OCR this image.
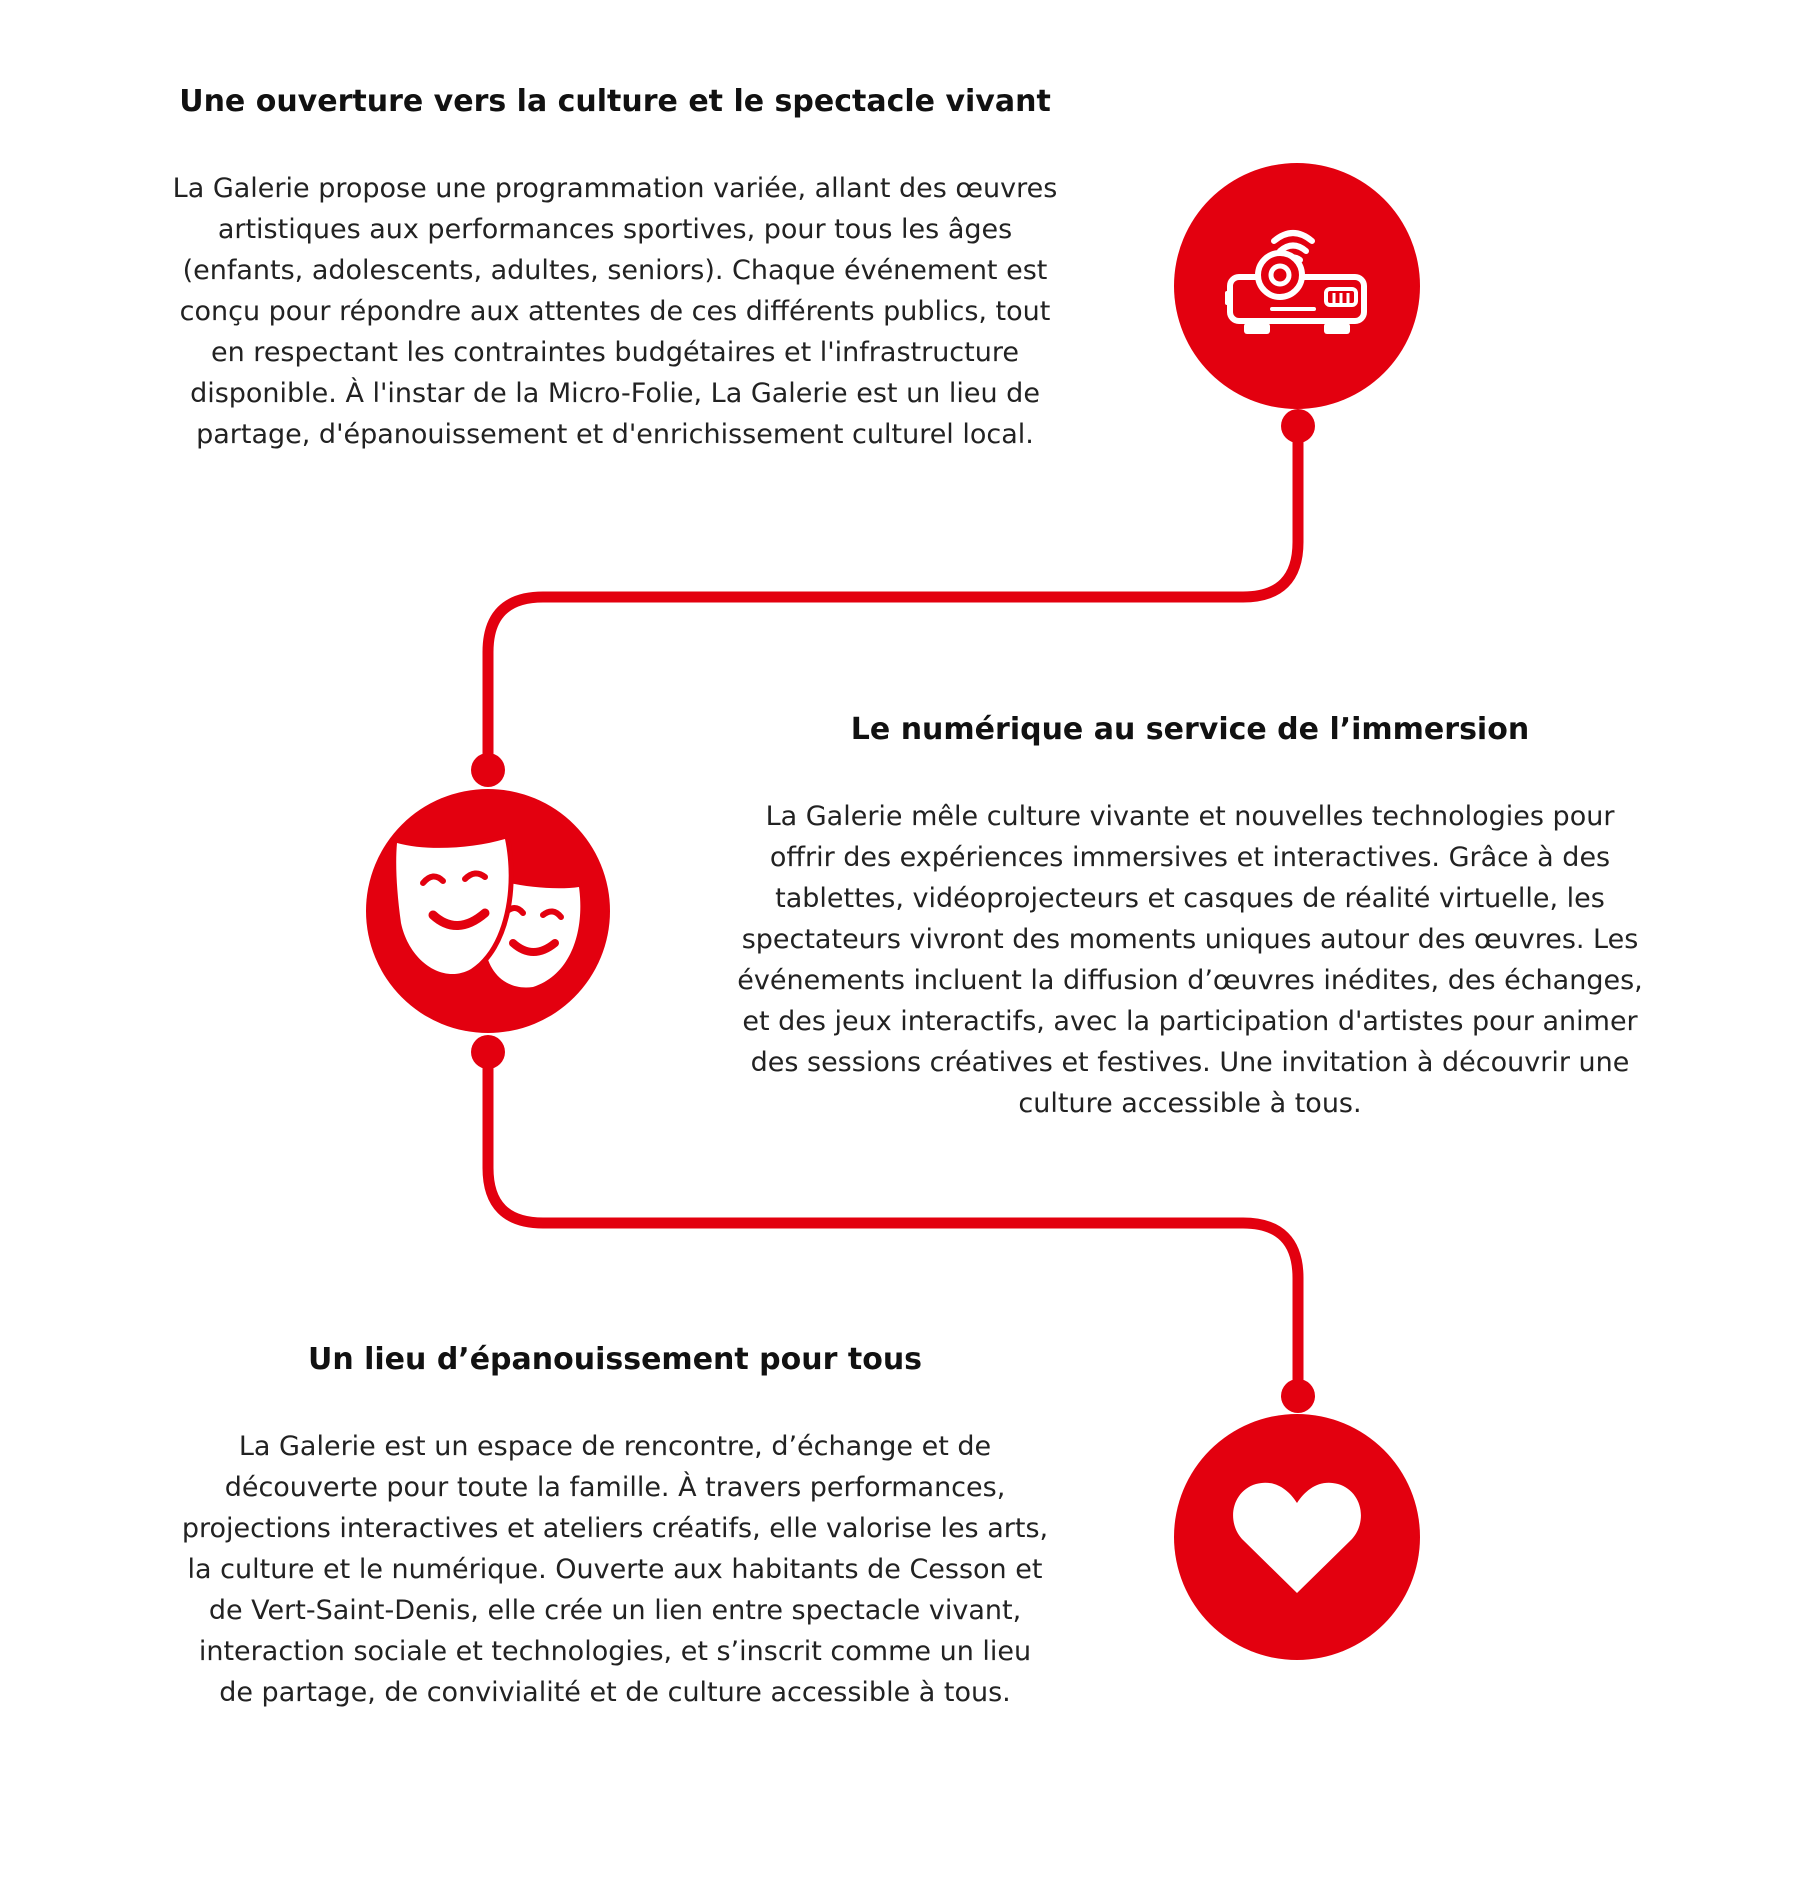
Une ouverture vers la culture et le spectacle vivant

La Galerie propose une programmation variée, allant des œuvres artistiques aux performances sportives, pour tous les âges (enfants, adolescents, adultes, seniors). Chaque événement est conçu pour répondre aux attentes de ces différents publics, tout en respectant les contraintes budgétaires et l'infrastructure disponible. À l'instar de la Micro-Folie, La Galerie est un lieu de partage, d'épanouissement et d'enrichissement culturel local.

Le numérique au service de l’immersion

La Galerie mêle culture vivante et nouvelles technologies pour offrir des expériences immersives et interactives. Grâce à des tablettes, vidéoprojecteurs et casques de réalité virtuelle, les spectateurs vivront des moments uniques autour des œuvres. Les événements incluent la diffusion d’œuvres inédites, des échanges, et des jeux interactifs, avec la participation d'artistes pour animer des sessions créatives et festives. Une invitation à découvrir une culture accessible à tous.

Un lieu d’épanouissement pour tous

La Galerie est un espace de rencontre, d’échange et de découverte pour toute la famille. À travers performances, projections interactives et ateliers créatifs, elle valorise les arts, la culture et le numérique. Ouverte aux habitants de Cesson et de Vert-Saint-Denis, elle crée un lien entre spectacle vivant, interaction sociale et technologies, et s’inscrit comme un lieu de partage, de convivialité et de culture accessible à tous.
